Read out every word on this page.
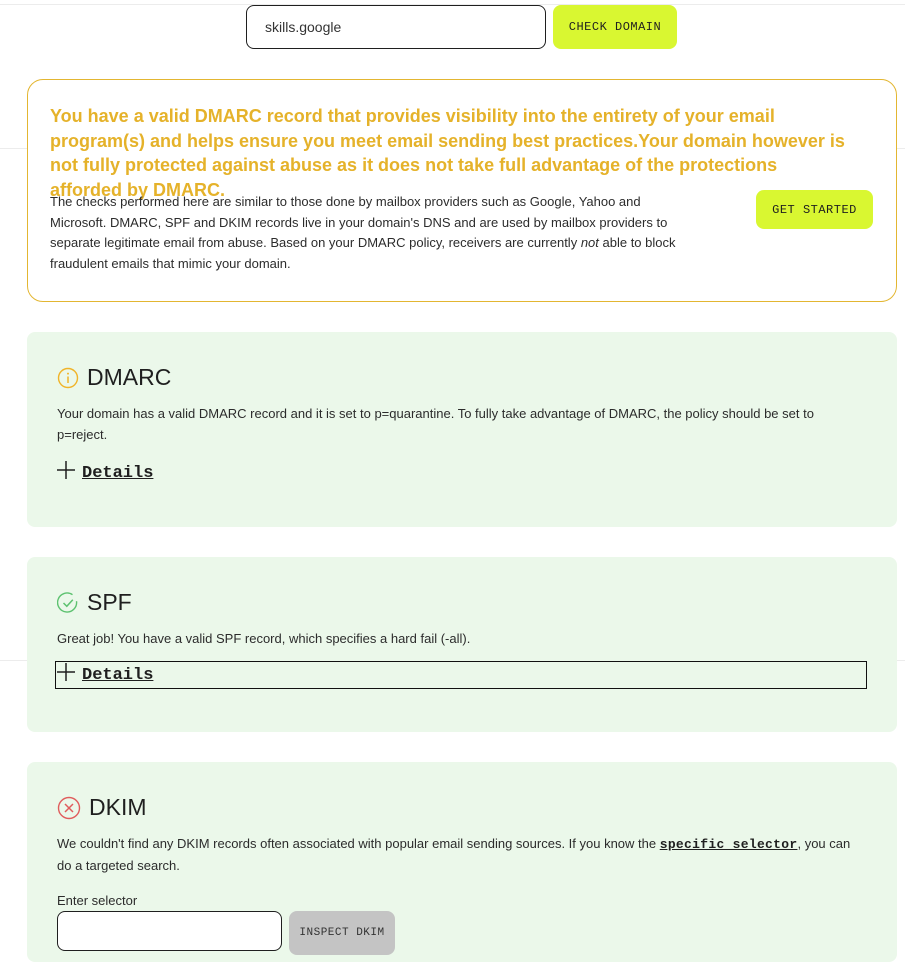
skills.google
CHECK DOMAIN
You have a valid DMARC record that provides visibility into the entirety of your email program(s) and helps ensure you meet email sending best practices.Your domain however is not fully protected against abuse as it does not take full advantage of the protections afforded by DMARC.
The checks performed here are similar to those done by mailbox providers such as Google, Yahoo and Microsoft. DMARC, SPF and DKIM records live in your domain's DNS and are used by mailbox providers to separate legitimate email from abuse. Based on your DMARC policy, receivers are currently not able to block fraudulent emails that mimic your domain.
GET STARTED
DMARC
Your domain has a valid DMARC record and it is set to p=quarantine. To fully take advantage of DMARC, the policy should be set to p=reject.
Details
SPF
Great job! You have a valid SPF record, which specifies a hard fail (-all).
Details
DKIM
We couldn't find any DKIM records often associated with popular email sending sources. If you know the specific selector, you can do a targeted search.
Enter selector
INSPECT DKIM
